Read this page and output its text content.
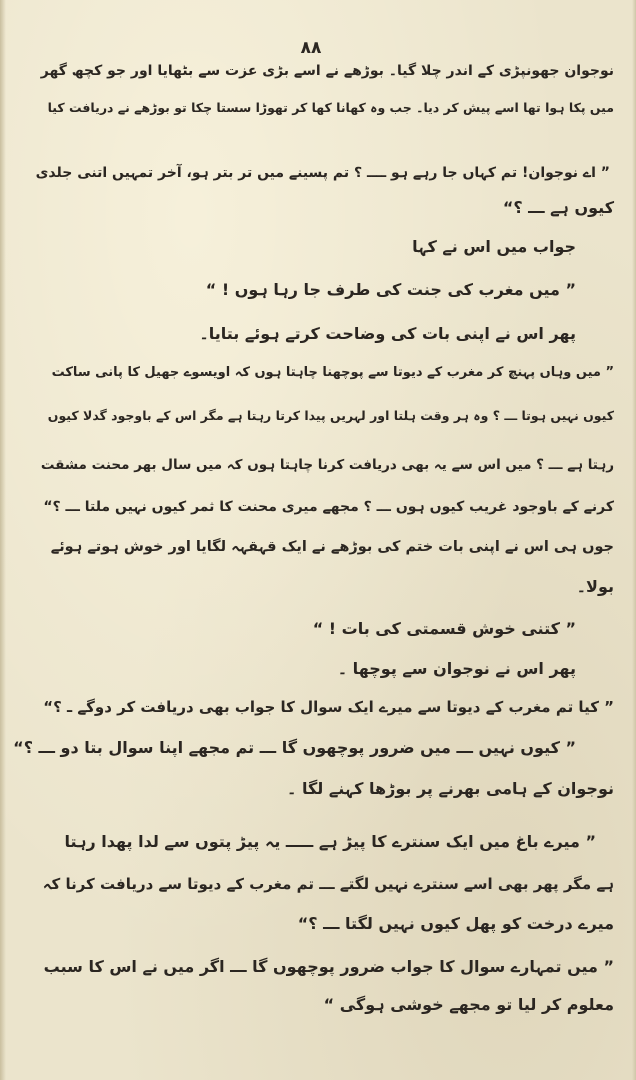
۸۸
نوجوان جھونپڑی کے اندر چلا گیا۔ بوڑھے نے اسے بڑی عزت سے بٹھایا اور جو کچھ گھر
میں پکا ہوا تھا اسے پیش کر دیا۔ جب وہ کھانا کھا کر تھوڑا سستا چکا تو بوڑھے نے دریافت کیا
” اے نوجوان! تم کہاں جا رہے ہو ــــ ؟ تم پسینے میں تر بتر ہو، آخر تمہیں اتنی جلدی
کیوں ہے ـــ ؟“
جواب میں اس نے کہا
” میں مغرب کی جنت کی طرف جا رہا ہوں ! “
پھر اس نے اپنی بات کی وضاحت کرتے ہوئے بتایا۔
” میں وہاں پہنچ کر مغرب کے دیوتا سے پوچھنا چاہتا ہوں کہ اویسوے جھیل کا پانی ساکت
کیوں نہیں ہوتا ـــ ؟ وہ ہر وقت ہلتا اور لہریں پیدا کرتا رہتا ہے مگر اس کے باوجود گدلا کیوں
رہتا ہے ـــ ؟ میں اس سے یہ بھی دریافت کرنا چاہتا ہوں کہ میں سال بھر محنت مشقت
کرنے کے باوجود غریب کیوں ہوں ـــ ؟ مجھے میری محنت کا ثمر کیوں نہیں ملتا ـــ ؟“
جوں ہی اس نے اپنی بات ختم کی بوڑھے نے ایک قہقہہ لگایا اور خوش ہوتے ہوئے
بولا۔
” کتنی خوش قسمتی کی بات ! “
پھر اس نے نوجوان سے پوچھا ۔
” کیا تم مغرب کے دیوتا سے میرے ایک سوال کا جواب بھی دریافت کر دوگے ـ ؟“
” کیوں نہیں ـــ میں ضرور پوچھوں گا ـــ تم مجھے اپنا سوال بتا دو ـــ ؟“
نوجوان کے ہامی بھرنے پر بوڑھا کہنے لگا ۔
” میرے باغ میں ایک سنترے کا پیڑ ہے ـــــ یہ پیڑ پتوں سے لدا پھدا رہتا
ہے مگر پھر بھی اسے سنترے نہیں لگتے ـــ تم مغرب کے دیوتا سے دریافت کرنا کہ
میرے درخت کو پھل کیوں نہیں لگتا ـــ ؟“
” میں تمہارے سوال کا جواب ضرور پوچھوں گا ـــ اگر میں نے اس کا سبب
معلوم کر لیا تو مجھے خوشی ہوگی “
